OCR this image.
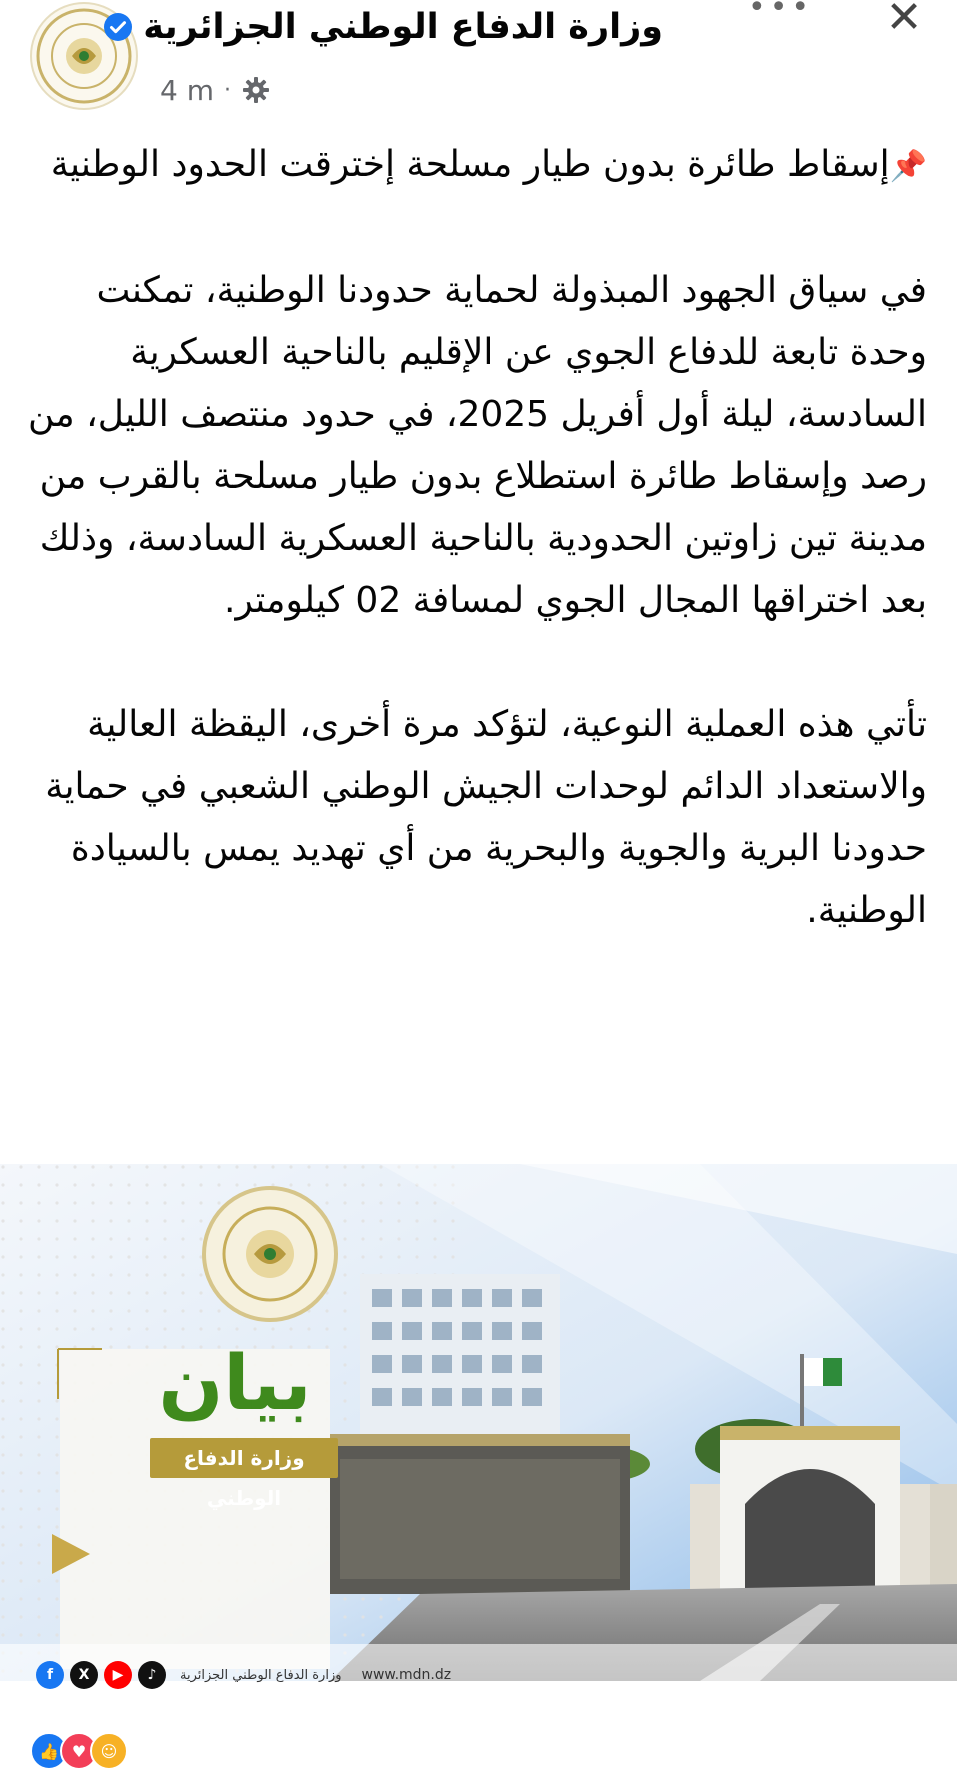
وزارة الدفاع الوطني الجزائرية
4 m ·
••• ✕

📌إسقاط طائرة بدون طيار مسلحة إخترقت الحدود الوطنية

في سياق الجهود المبذولة لحماية حدودنا الوطنية، تمكنت وحدة تابعة للدفاع الجوي عن الإقليم بالناحية العسكرية السادسة، ليلة أول أفريل 2025، في حدود منتصف الليل، من رصد وإسقاط طائرة استطلاع بدون طيار مسلحة بالقرب من مدينة تين زاوتين الحدودية بالناحية العسكرية السادسة، وذلك بعد اختراقها المجال الجوي لمسافة 02 كيلومتر.

تأتي هذه العملية النوعية، لتؤكد مرة أخرى، اليقظة العالية والاستعداد الدائم لوحدات الجيش الوطني الشعبي في حماية حدودنا البرية والجوية والبحرية من أي تهديد يمس بالسيادة الوطنية.

بيان
وزارة الدفاع الوطني
f	X	▶	♪	وزارة الدفاع الوطني الجزائرية www.mdn.dz
👍 ♥ ☺
